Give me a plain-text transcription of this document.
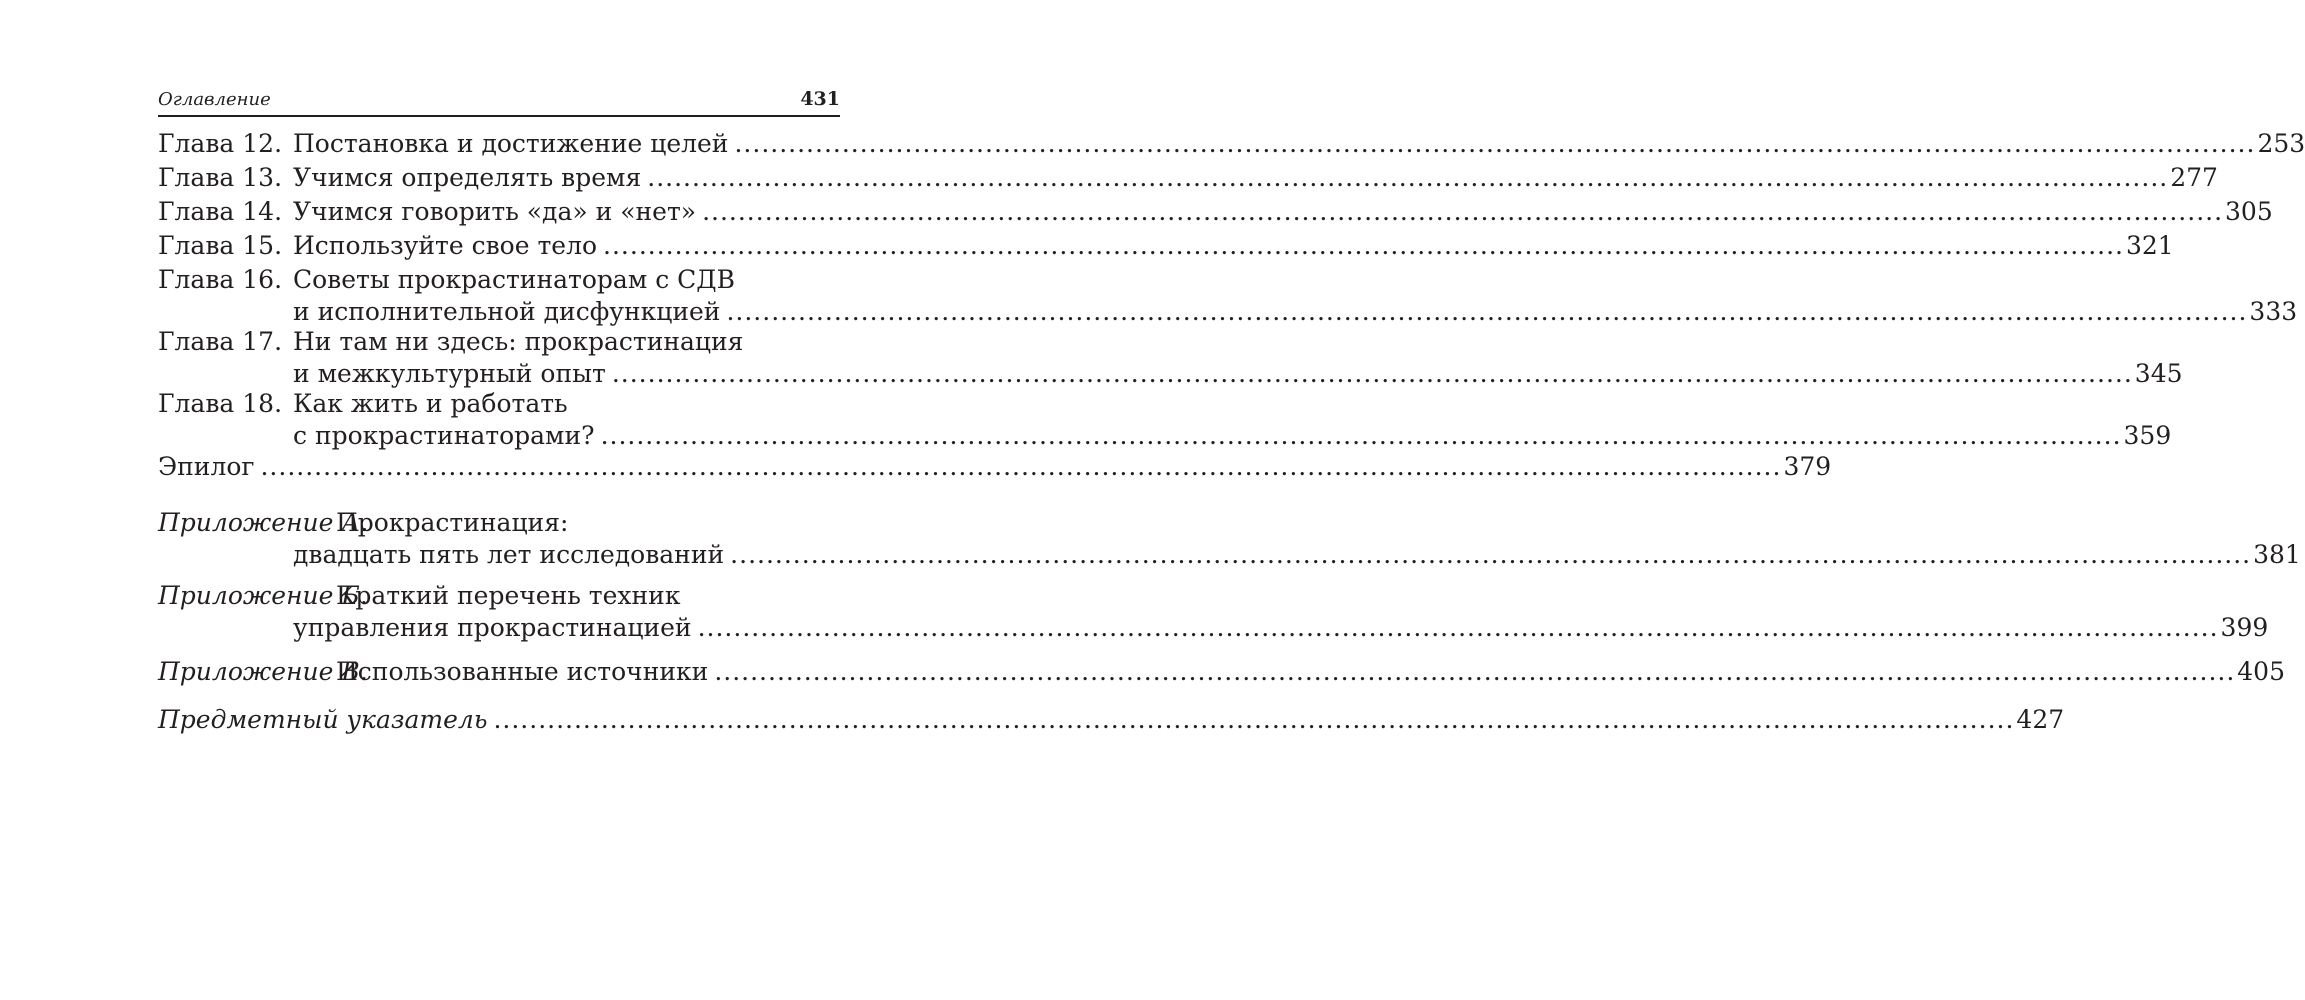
Оглавление	431
Глава 12. Постановка и достижение целей .......................................................................................................................................................................... 253
Глава 13. Учимся определять время .......................................................................................................................................................................... 277
Глава 14. Учимся говорить «да» и «нет» .......................................................................................................................................................................... 305
Глава 15. Используйте свое тело .......................................................................................................................................................................... 321
Глава 16. Советы прокрастинаторам с СДВ
и исполнительной дисфункцией .......................................................................................................................................................................... 333
Глава 17. Ни там ни здесь: прокрастинация
и межкультурный опыт .......................................................................................................................................................................... 345
Глава 18. Как жить и работать
с прокрастинаторами? .......................................................................................................................................................................... 359
Эпилог .......................................................................................................................................................................... 379
Приложение А.
Прокрастинация:
двадцать пять лет исследований .......................................................................................................................................................................... 381
Приложение Б.
Краткий перечень техник
управления прокрастинацией .......................................................................................................................................................................... 399
Приложение В.
Использованные источники .......................................................................................................................................................................... 405
Предметный указатель .......................................................................................................................................................................... 427
